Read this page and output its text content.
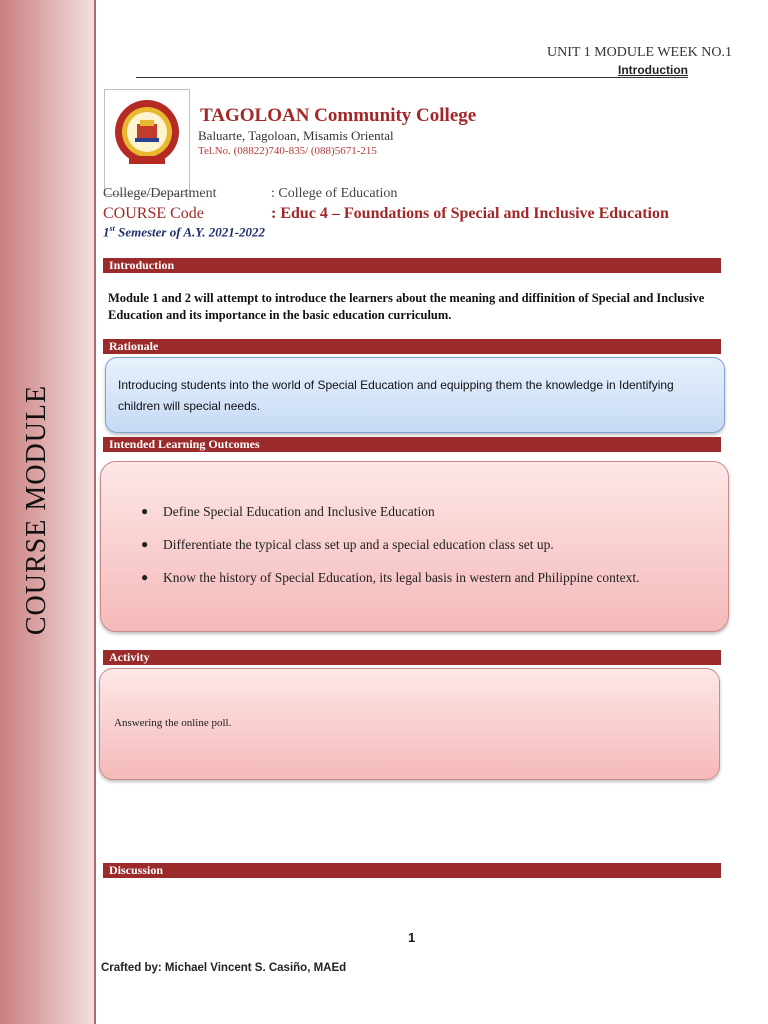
COURSE MODULE
UNIT 1 MODULE WEEK NO.1
Introduction
TAGOLOAN Community College
Baluarte, Tagoloan, Misamis Oriental
Tel.No. (08822)740-835/ (088)5671-215
College/Department	: College of Education
COURSE Code	: Educ 4 – Foundations of Special and Inclusive Education
1st Semester of A.Y. 2021-2022
Introduction
Module 1 and 2 will attempt to introduce the learners about the meaning and diffinition of Special and Inclusive Education and its importance in the basic education curriculum.
Rationale
Introducing students into the world of Special Education and equipping them the knowledge in Identifying children will special needs.
Intended Learning Outcomes
● Define Special Education and Inclusive Education
● Differentiate the typical class set up and a special education class set up.
● Know the history of Special Education, its legal basis in western and Philippine context.
Activity
Answering the online poll.
Discussion
1
Crafted by: Michael Vincent S. Casiño, MAEd
